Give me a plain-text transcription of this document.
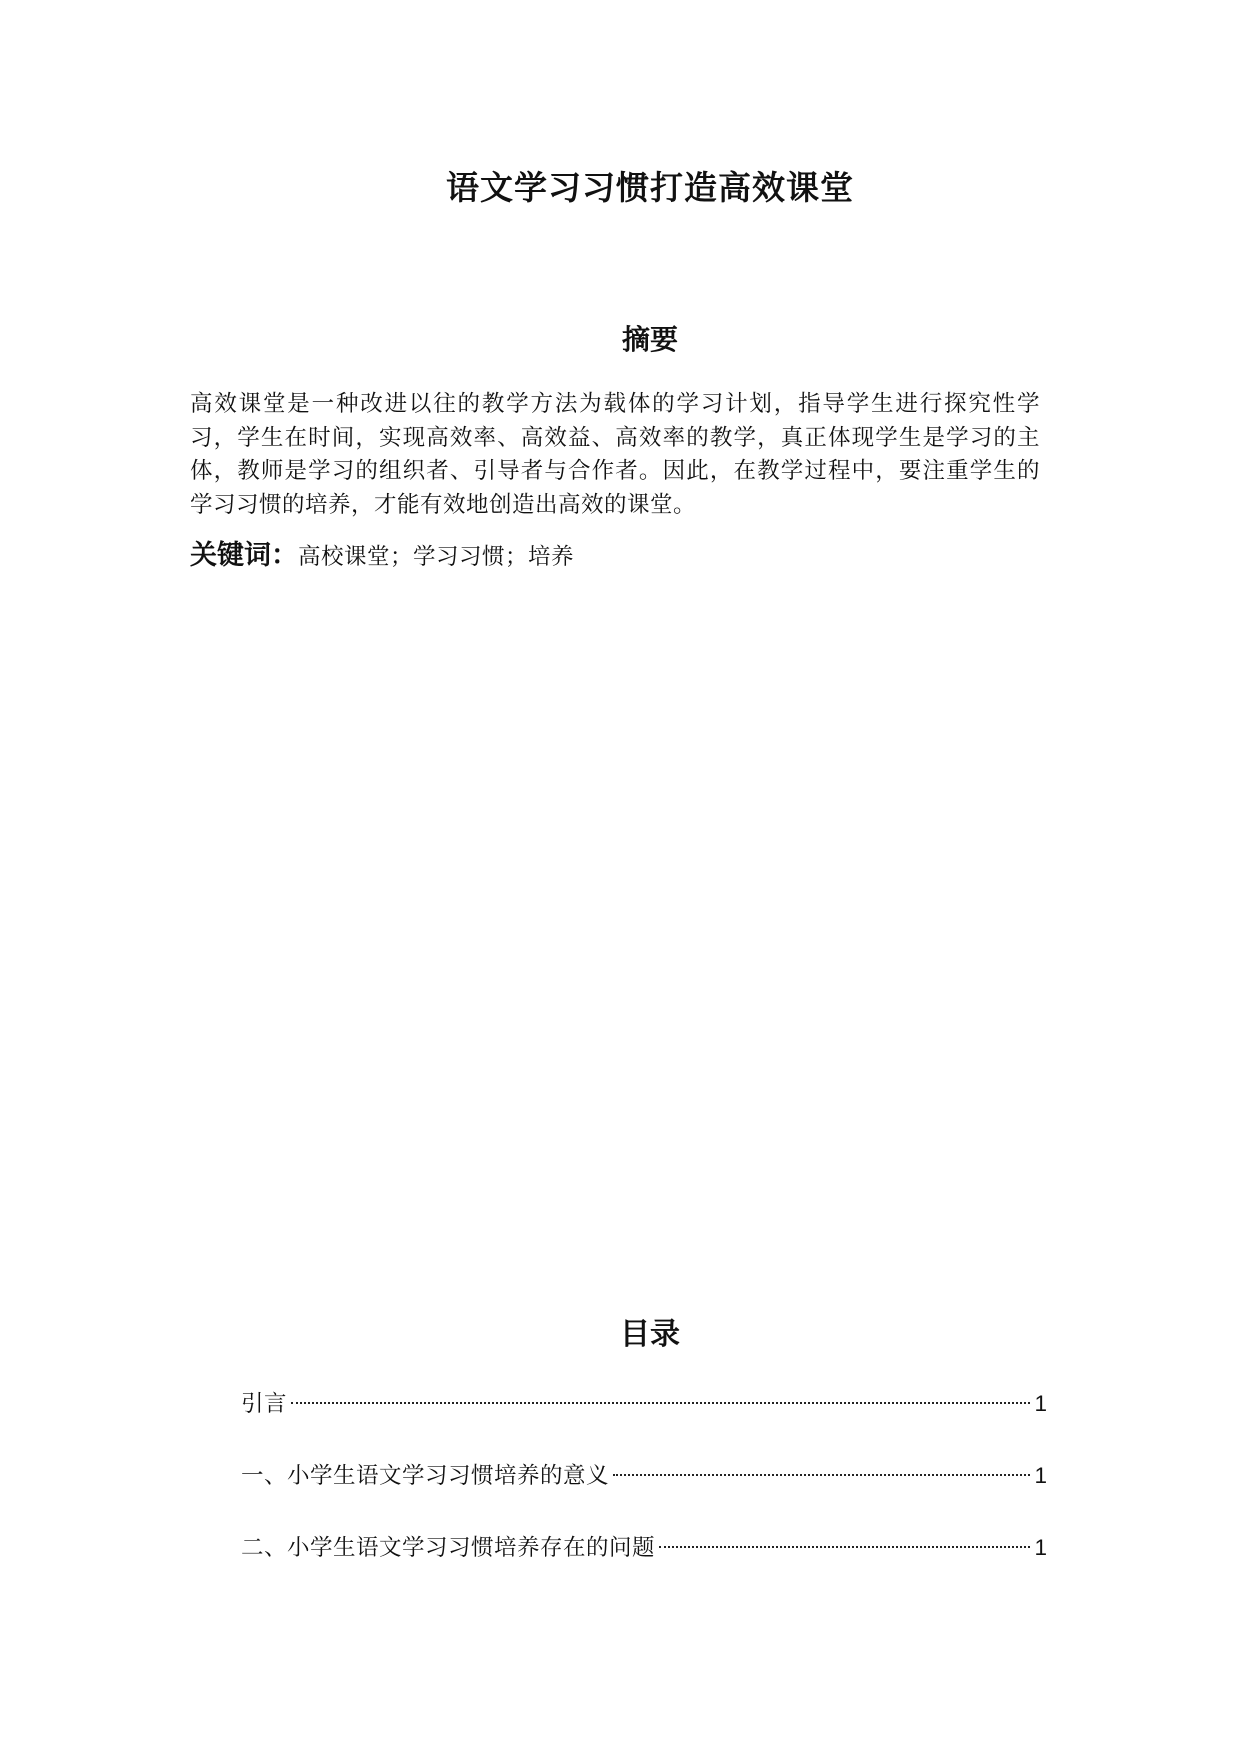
语文学习习惯打造高效课堂
摘要
高效课堂是一种改进以往的教学方法为载体的学习计划，指导学生进行探究性学习，学生在时间，实现高效率、高效益、高效率的教学，真正体现学生是学习的主体，教师是学习的组织者、引导者与合作者。因此，在教学过程中，要注重学生的学习习惯的培养，才能有效地创造出高效的课堂。
关键词：高校课堂；学习习惯；培养
目录
引言	1
一、小学生语文学习习惯培养的意义	1
二、小学生语文学习习惯培养存在的问题	1
